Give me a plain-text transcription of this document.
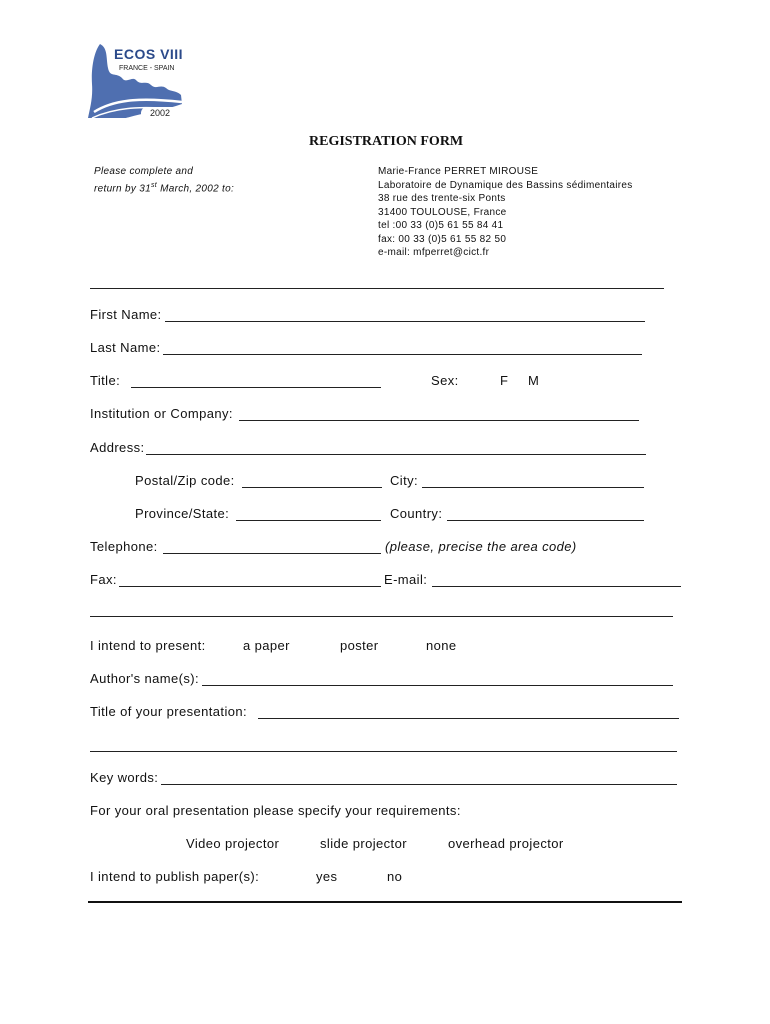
ECOS VIII
FRANCE - SPAIN
2002
REGISTRATION FORM
Please complete and
return by 31st March, 2002 to:
Marie-France PERRET MIROUSE
Laboratoire de Dynamique des Bassins sédimentaires
38 rue des trente-six Ponts
31400 TOULOUSE, France
tel :00 33 (0)5 61 55 84 41
fax: 00 33 (0)5 61 55 82 50
e-mail: mfperret@cict.fr
First Name:
Last Name:
Title:	Sex:	F M
Institution or Company:
Address:
Postal/Zip code:	City:
Province/State:	Country:
Telephone:	(please, precise the area code)
Fax:	E-mail:
I intend to present:	a paper	poster	none
Author's name(s):
Title of your presentation:
Key words:
For your oral presentation please specify your requirements:
Video projector	slide projector	overhead projector
I intend to publish paper(s):	yes	no
